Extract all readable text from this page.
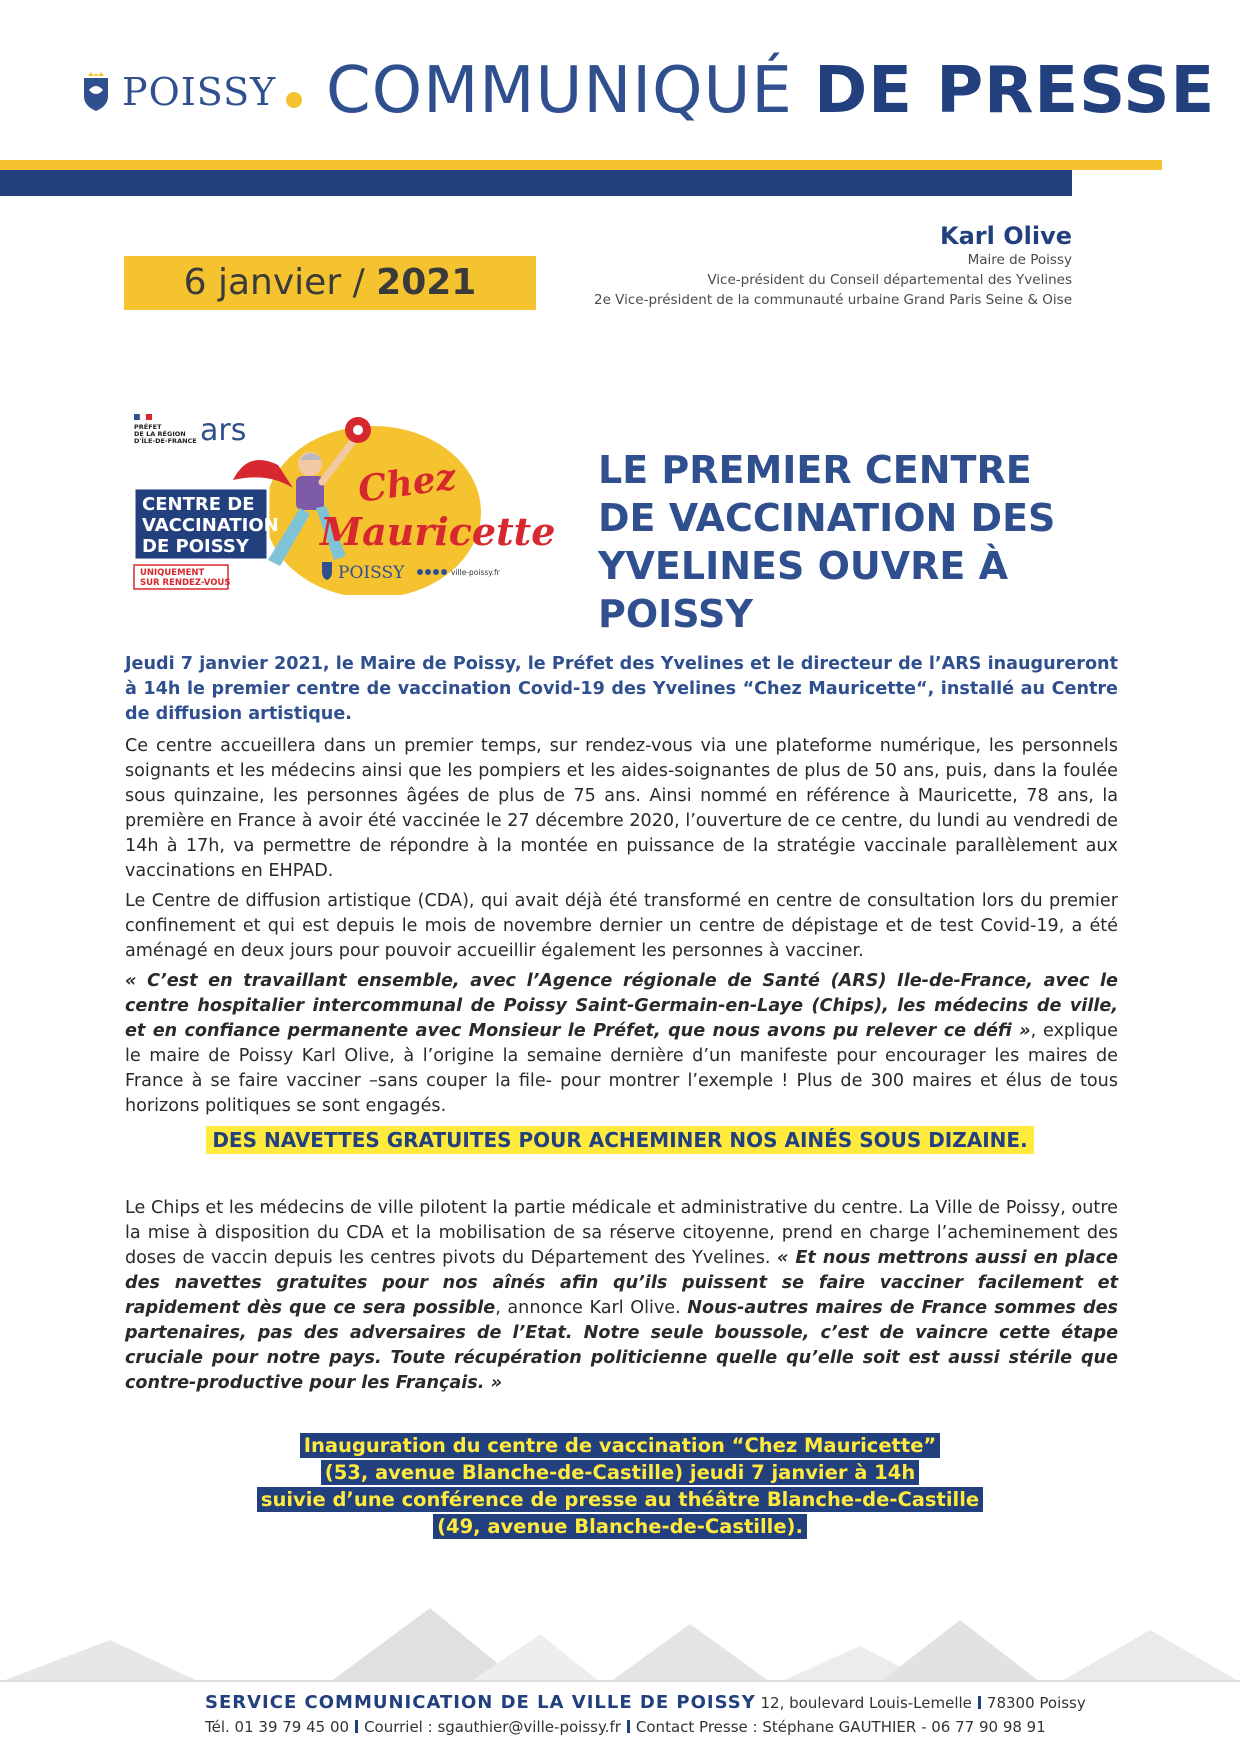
POISSY COMMUNIQUÉ DE PRESSE
6 janvier / 2021
Karl Olive
Maire de Poissy
Vice-président du Conseil départemental des Yvelines
2e Vice-président de la communauté urbaine Grand Paris Seine & Oise
PRÉFET
DE LA RÉGION
D'ÎLE-DE-FRANCE ars
CENTRE DE
VACCINATION
DE POISSY
UNIQUEMENT
SUR RENDEZ-VOUS
Chez
Mauricette
POISSY	ville-poissy.fr
LE PREMIER CENTRE
DE VACCINATION DES
YVELINES OUVRE À POISSY

Jeudi 7 janvier 2021, le Maire de Poissy, le Préfet des Yvelines et le directeur de l’ARS inaugureront à 14h le premier centre de vaccination Covid-19 des Yvelines “Chez Mauricette“, installé au Centre de diffusion artistique.

Ce centre accueillera dans un premier temps, sur rendez-vous via une plateforme numérique, les personnels soignants et les médecins ainsi que les pompiers et les aides-soignantes de plus de 50 ans, puis, dans la foulée sous quinzaine, les personnes âgées de plus de 75 ans. Ainsi nommé en référence à Mauricette, 78 ans, la première en France à avoir été vaccinée le 27 décembre 2020, l’ouverture de ce centre, du lundi au vendredi de 14h à 17h, va permettre de répondre à la montée en puissance de la stratégie vaccinale parallèlement aux vaccinations en EHPAD.

Le Centre de diffusion artistique (CDA), qui avait déjà été transformé en centre de consultation lors du premier confinement et qui est depuis le mois de novembre dernier un centre de dépistage et de test Covid-19, a été aménagé en deux jours pour pouvoir accueillir également les personnes à vacciner.

« C’est en travaillant ensemble, avec l’Agence régionale de Santé (ARS) Ile-de-France, avec le centre hospitalier intercommunal de Poissy Saint-Germain-en-Laye (Chips), les médecins de ville, et en confiance permanente avec Monsieur le Préfet, que nous avons pu relever ce défi », explique le maire de Poissy Karl Olive, à l’origine la semaine dernière d’un manifeste pour encourager les maires de France à se faire vacciner –sans couper la file- pour montrer l’exemple ! Plus de 300 maires et élus de tous horizons politiques se sont engagés.

DES NAVETTES GRATUITES POUR ACHEMINER NOS AINÉS SOUS DIZAINE.

Le Chips et les médecins de ville pilotent la partie médicale et administrative du centre. La Ville de Poissy, outre la mise à disposition du CDA et la mobilisation de sa réserve citoyenne, prend en charge l’acheminement des doses de vaccin depuis les centres pivots du Département des Yvelines. « Et nous mettrons aussi en place des navettes gratuites pour nos aînés afin qu’ils puissent se faire vacciner facilement et rapidement dès que ce sera possible, annonce Karl Olive. Nous-autres maires de France sommes des partenaires, pas des adversaires de l’Etat. Notre seule boussole, c’est de vaincre cette étape cruciale pour notre pays. Toute récupération politicienne quelle qu’elle soit est aussi stérile que contre-productive pour les Français. »

Inauguration du centre de vaccination “Chez Mauricette”
(53, avenue Blanche-de-Castille) jeudi 7 janvier à 14h
suivie d’une conférence de presse au théâtre Blanche-de-Castille
(49, avenue Blanche-de-Castille).
SERVICE COMMUNICATION DE LA VILLE DE POISSY 12, boulevard Louis-Lemelle 78300 Poissy
Tél. 01 39 79 45 00 Courriel : sgauthier@ville-poissy.fr Contact Presse : Stéphane GAUTHIER - 06 77 90 98 91
